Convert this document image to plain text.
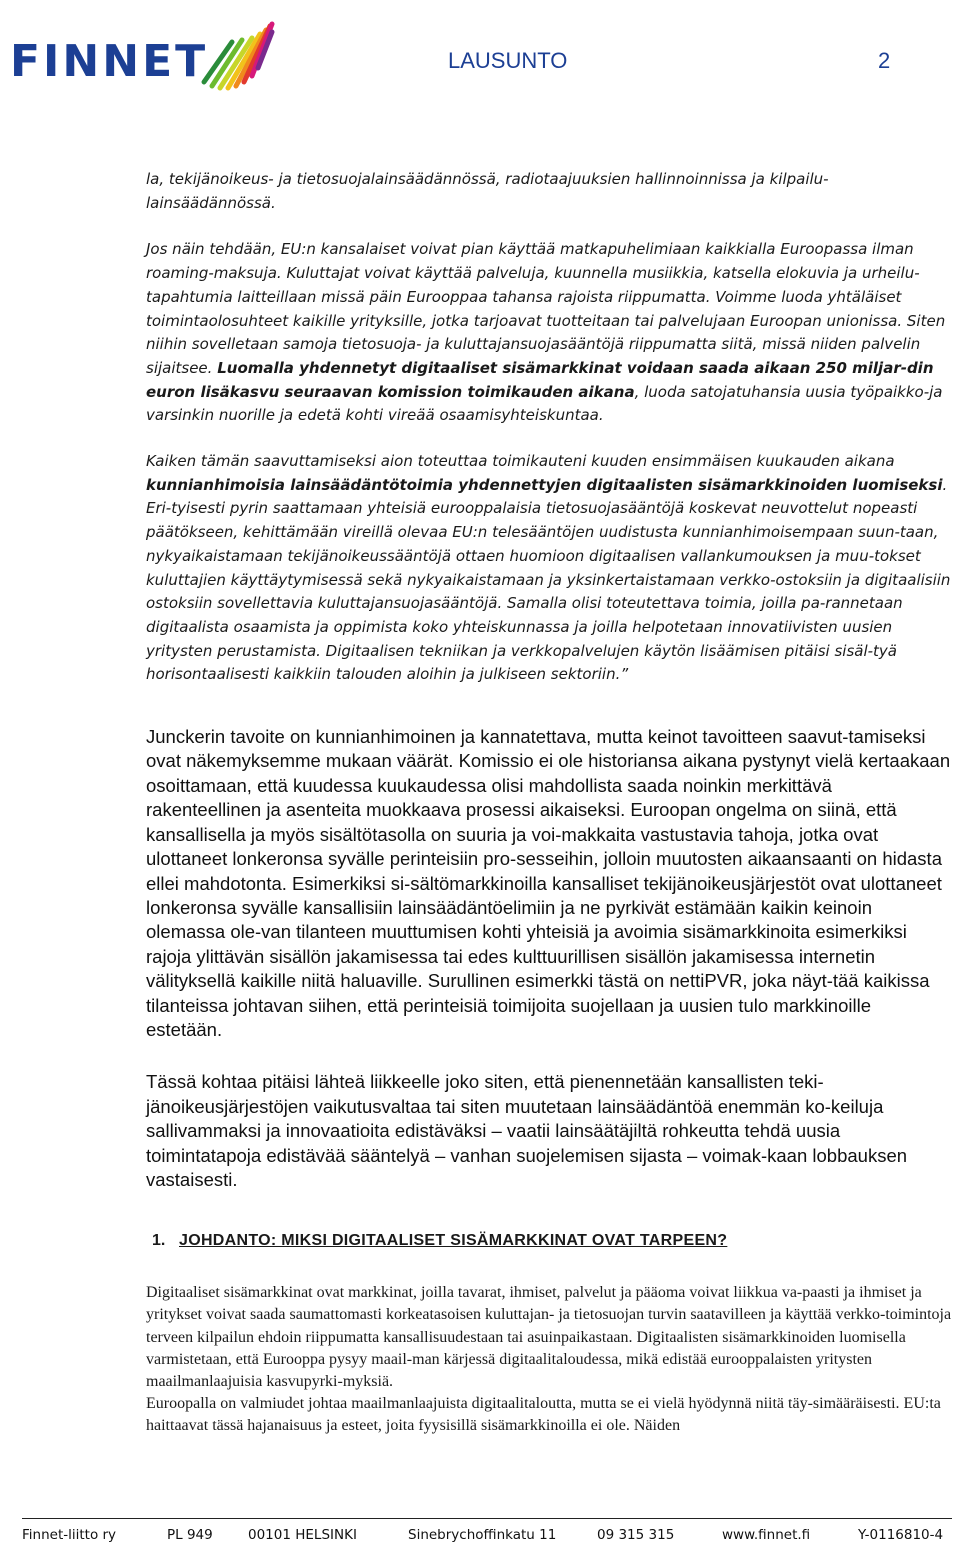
FINNET	LAUSUNTO	2

la, tekijänoikeus- ja tietosuojalainsäädännössä, radiotaajuuksien hallinnoinnissa ja kilpailu-lainsäädännössä.

Jos näin tehdään, EU:n kansalaiset voivat pian käyttää matkapuhelimiaan kaikkialla Euroopassa ilman roaming-maksuja. Kuluttajat voivat käyttää palveluja, kuunnella musiikkia, katsella elokuvia ja urheilu-tapahtumia laitteillaan missä päin Eurooppaa tahansa rajoista riippumatta. Voimme luoda yhtäläiset toimintaolosuhteet kaikille yrityksille, jotka tarjoavat tuotteitaan tai palvelujaan Euroopan unionissa. Siten niihin sovelletaan samoja tietosuoja- ja kuluttajansuojasääntöjä riippumatta siitä, missä niiden palvelin sijaitsee. Luomalla yhdennetyt digitaaliset sisämarkkinat voidaan saada aikaan 250 miljar-din euron lisäkasvu seuraavan komission toimikauden aikana, luoda satojatuhansia uusia työpaikko-ja varsinkin nuorille ja edetä kohti vireää osaamisyhteiskuntaa.

Kaiken tämän saavuttamiseksi aion toteuttaa toimikauteni kuuden ensimmäisen kuukauden aikana kunnianhimoisia lainsäädäntötoimia yhdennettyjen digitaalisten sisämarkkinoiden luomiseksi. Eri-tyisesti pyrin saattamaan yhteisiä eurooppalaisia tietosuojasääntöjä koskevat neuvottelut nopeasti päätökseen, kehittämään vireillä olevaa EU:n telesääntöjen uudistusta kunnianhimoisempaan suun-taan, nykyaikaistamaan tekijänoikeussääntöjä ottaen huomioon digitaalisen vallankumouksen ja muu-tokset kuluttajien käyttäytymisessä sekä nykyaikaistamaan ja yksinkertaistamaan verkko-ostoksiin ja digitaalisiin ostoksiin sovellettavia kuluttajansuojasääntöjä. Samalla olisi toteutettava toimia, joilla pa-rannetaan digitaalista osaamista ja oppimista koko yhteiskunnassa ja joilla helpotetaan innovatiivisten uusien yritysten perustamista. Digitaalisen tekniikan ja verkkopalvelujen käytön lisäämisen pitäisi sisäl-tyä horisontaalisesti kaikkiin talouden aloihin ja julkiseen sektoriin.”

Junckerin tavoite on kunnianhimoinen ja kannatettava, mutta keinot tavoitteen saavut-tamiseksi ovat näkemyksemme mukaan väärät. Komissio ei ole historiansa aikana pystynyt vielä kertaakaan osoittamaan, että kuudessa kuukaudessa olisi mahdollista saada noinkin merkittävä rakenteellinen ja asenteita muokkaava prosessi aikaiseksi. Euroopan ongelma on siinä, että kansallisella ja myös sisältötasolla on suuria ja voi-makkaita vastustavia tahoja, jotka ovat ulottaneet lonkeronsa syvälle perinteisiin pro-sesseihin, jolloin muutosten aikaansaanti on hidasta ellei mahdotonta. Esimerkiksi si-sältömarkkinoilla kansalliset tekijänoikeusjärjestöt ovat ulottaneet lonkeronsa syvälle kansallisiin lainsäädäntöelimiin ja ne pyrkivät estämään kaikin keinoin olemassa ole-van tilanteen muuttumisen kohti yhteisiä ja avoimia sisämarkkinoita esimerkiksi rajoja ylittävän sisällön jakamisessa tai edes kulttuurillisen sisällön jakamisessa internetin välityksellä kaikille niitä haluaville. Surullinen esimerkki tästä on nettiPVR, joka näyt-tää kaikissa tilanteissa johtavan siihen, että perinteisiä toimijoita suojellaan ja uusien tulo markkinoille estetään.

Tässä kohtaa pitäisi lähteä liikkeelle joko siten, että pienennetään kansallisten teki-jänoikeusjärjestöjen vaikutusvaltaa tai siten muutetaan lainsäädäntöä enemmän ko-keiluja sallivammaksi ja innovaatioita edistäväksi – vaatii lainsäätäjiltä rohkeutta tehdä uusia toimintatapoja edistävää sääntelyä – vanhan suojelemisen sijasta – voimak-kaan lobbauksen vastaisesti.

1. JOHDANTO: MIKSI DIGITAALISET SISÄMARKKINAT OVAT TARPEEN?

Digitaaliset sisämarkkinat ovat markkinat, joilla tavarat, ihmiset, palvelut ja pääoma voivat liikkua va-paasti ja ihmiset ja yritykset voivat saada saumattomasti korkeatasoisen kuluttajan- ja tietosuojan turvin saatavilleen ja käyttää verkko-toimintoja terveen kilpailun ehdoin riippumatta kansallisuudestaan tai asuinpaikastaan. Digitaalisten sisämarkkinoiden luomisella varmistetaan, että Eurooppa pysyy maail-man kärjessä digitaalitaloudessa, mikä edistää eurooppalaisten yritysten maailmanlaajuisia kasvupyrki-myksiä.

Euroopalla on valmiudet johtaa maailmanlaajuista digitaalitaloutta, mutta se ei vielä hyödynnä niitä täy-simääräisesti. EU:ta haittaavat tässä hajanaisuus ja esteet, joita fyysisillä sisämarkkinoilla ei ole. Näiden

Finnet-liitto ry	PL 949	00101 HELSINKI	Sinebrychoffinkatu 11	09 315 315	www.finnet.fi	Y-0116810-4
